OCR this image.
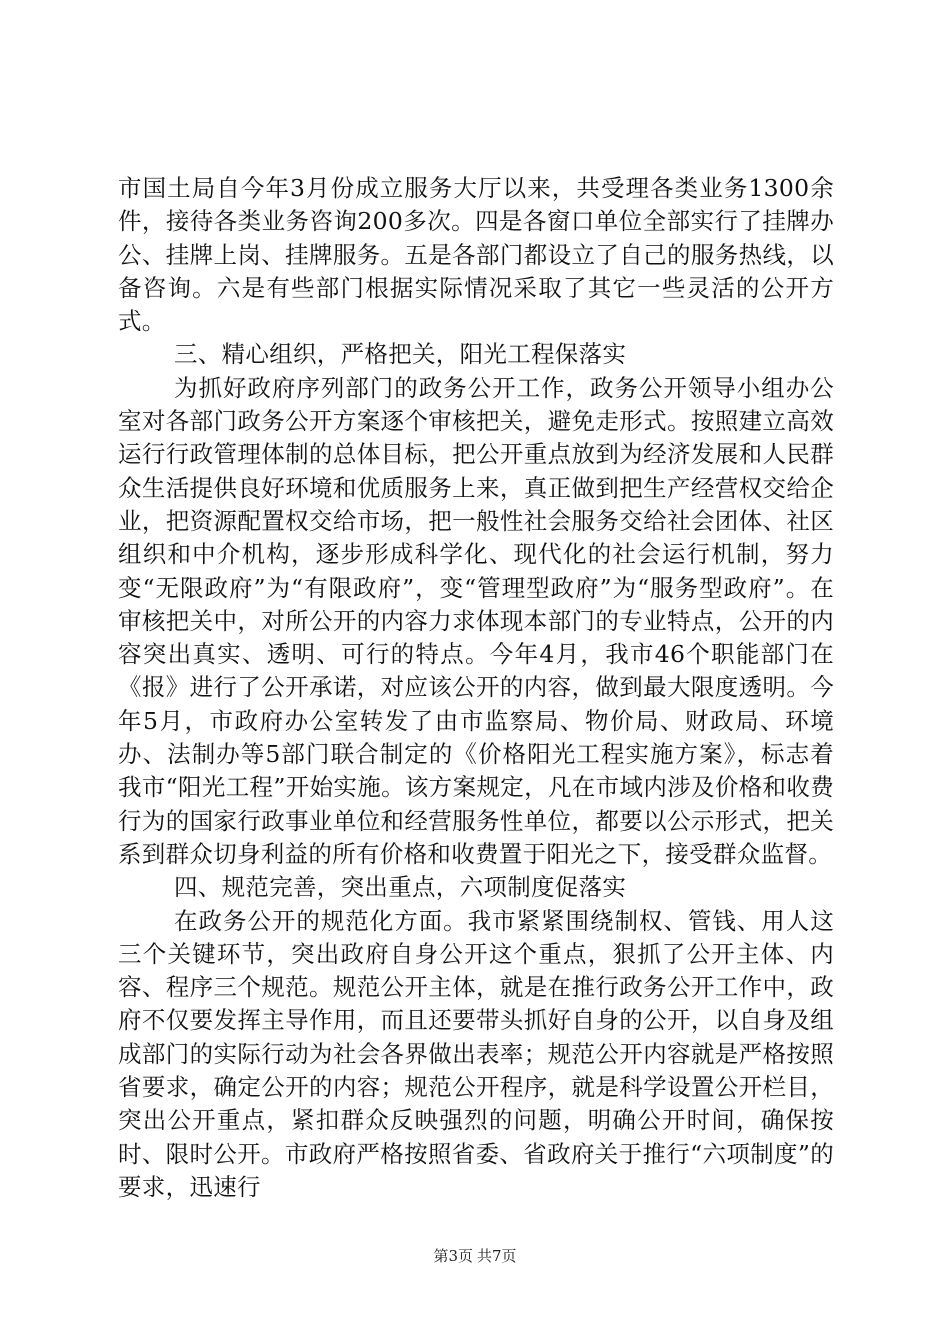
市国土局自今年3月份成立服务大厅以来，共受理各类业务1300余件，接待各类业务咨询200多次。四是各窗口单位全部实行了挂牌办公、挂牌上岗、挂牌服务。五是各部门都设立了自己的服务热线，以备咨询。六是有些部门根据实际情况采取了其它一些灵活的公开方式。

三、精心组织，严格把关，阳光工程保落实

为抓好政府序列部门的政务公开工作，政务公开领导小组办公室对各部门政务公开方案逐个审核把关，避免走形式。按照建立高效运行行政管理体制的总体目标，把公开重点放到为经济发展和人民群众生活提供良好环境和优质服务上来，真正做到把生产经营权交给企业，把资源配置权交给市场，把一般性社会服务交给社会团体、社区组织和中介机构，逐步形成科学化、现代化的社会运行机制，努力变“无限政府”为“有限政府”，变“管理型政府”为“服务型政府”。在审核把关中，对所公开的内容力求体现本部门的专业特点，公开的内容突出真实、透明、可行的特点。今年4月，我市46个职能部门在《报》进行了公开承诺，对应该公开的内容，做到最大限度透明。今年5月，市政府办公室转发了由市监察局、物价局、财政局、环境办、法制办等5部门联合制定的《价格阳光工程实施方案》，标志着我市“阳光工程”开始实施。该方案规定，凡在市域内涉及价格和收费行为的国家行政事业单位和经营服务性单位，都要以公示形式，把关系到群众切身利益的所有价格和收费置于阳光之下，接受群众监督。

四、规范完善，突出重点，六项制度促落实

在政务公开的规范化方面。我市紧紧围绕制权、管钱、用人这三个关键环节，突出政府自身公开这个重点，狠抓了公开主体、内容、程序三个规范。规范公开主体，就是在推行政务公开工作中，政府不仅要发挥主导作用，而且还要带头抓好自身的公开，以自身及组成部门的实际行动为社会各界做出表率；规范公开内容就是严格按照省要求，确定公开的内容；规范公开程序，就是科学设置公开栏目，突出公开重点，紧扣群众反映强烈的问题，明确公开时间，确保按时、限时公开。市政府严格按照省委、省政府关于推行“六项制度”的要求，迅速行

第3页 共7页
